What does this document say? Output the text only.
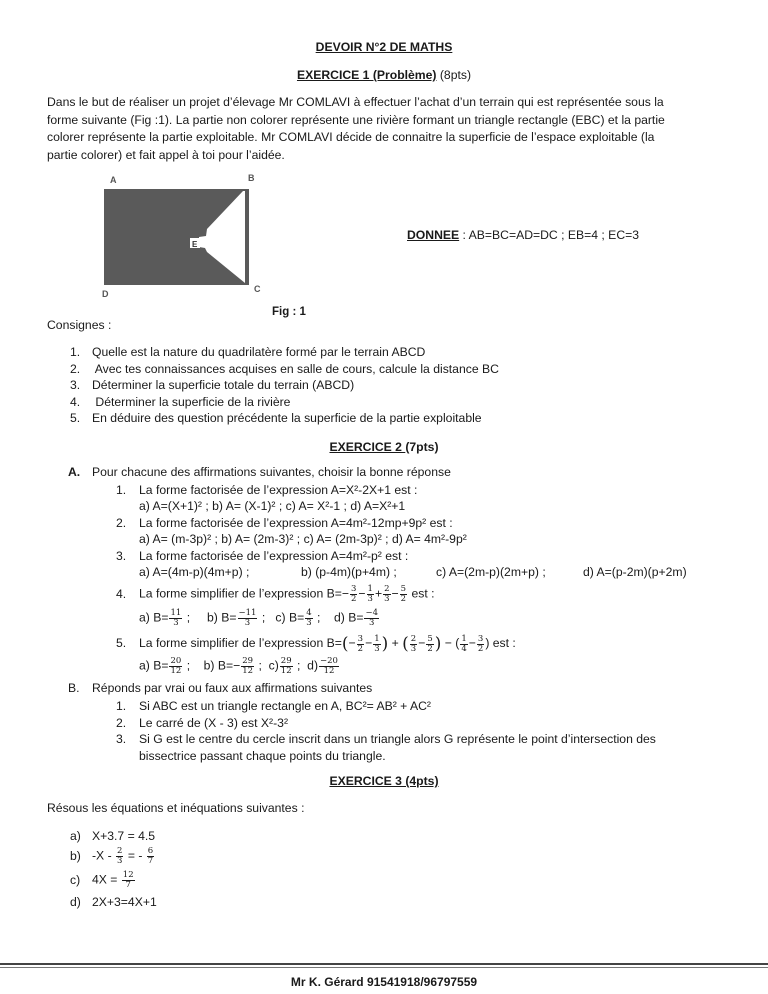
DEVOIR N°2 DE MATHS
EXERCICE 1 (Problème) (8pts)
Dans le but de réaliser un projet d’élevage Mr COMLAVI à effectuer l’achat d’un terrain qui est représentée sous la
forme suivante (Fig :1). La partie non colorer représente une rivière formant un triangle rectangle (EBC) et la partie
colorer représente la partie exploitable. Mr COMLAVI décide de connaitre la superficie de l’espace exploitable (la
partie colorer) et fait appel à toi pour l’aidée.
E
A	B
D	C
Fig : 1
DONNEE : AB=BC=AD=DC ; EB=4 ; EC=3
Consignes :
1. Quelle est la nature du quadrilatère formé par le terrain ABCD
2. Avec tes connaissances acquises en salle de cours, calcule la distance BC
3. Déterminer la superficie totale du terrain (ABCD)
4. Déterminer la superficie de la rivière
5. En déduire des question précédente la superficie de la partie exploitable
EXERCICE 2 (7pts)
A. Pour chacune des affirmations suivantes, choisir la bonne réponse
1. La forme factorisée de l’expression A=X²-2X+1 est :
a) A=(X+1)² ; b) A= (X-1)² ; c) A= X²-1 ; d) A=X²+1
2. La forme factorisée de l’expression A=4m²-12mp+9p² est :
a) A= (m-3p)² ; b) A= (2m-3)² ; c) A= (2m-3p)² ; d) A= 4m²-9p²
3. La forme factorisée de l’expression A=4m²-p² est :
a) A=(4m-p)(4m+p) ;	b) (p-4m)(p+4m) ;	c) A=(2m-p)(2m+p) ;	d) A=(p-2m)(p+2m)
4. La forme simplifier de l’expression $B=- \frac{3}{2} - \frac{1}{3} + \frac{2}{3} - \frac{5}{2}$ est :
a) $B= \frac{11}{3}$ ; b) $B= \frac{-11}{3}$ ; c) $B= \frac{4}{3}$ ; d) $B= \frac{-4}{3}$
5. La forme simplifier de l’expression $B=(- \frac{3}{2} - \frac{1}{3}$ ) + ( $\frac{2}{3} - \frac{5}{2}$ ) − ( $\frac{1}{4} - \frac{3}{2}$ ) est :
a) $B= \frac{20}{12}$ ; b) $B=- \frac{29}{12}$ ; $c) \frac{29}{12}$ ; $d) \frac{-20}{12}$
B. Réponds par vrai ou faux aux affirmations suivantes
1. Si ABC est un triangle rectangle en A, BC²= AB² + AC²
2. Le carré de (X - 3) est X²-3²
3. Si G est le centre du cercle inscrit dans un triangle alors G représente le point d’intersection des
bissectrice passant chaque points du triangle.
EXERCICE 3 (4pts)
Résous les équations et inéquations suivantes :
a) X+3.7 = 4.5
b) $-X - \frac{2}{3}$ = - $\frac{6}{7}$
c) $4X = \frac{12}{7}$
d) 2X+3=4X+1
Mr K. Gérard 91541918/96797559
